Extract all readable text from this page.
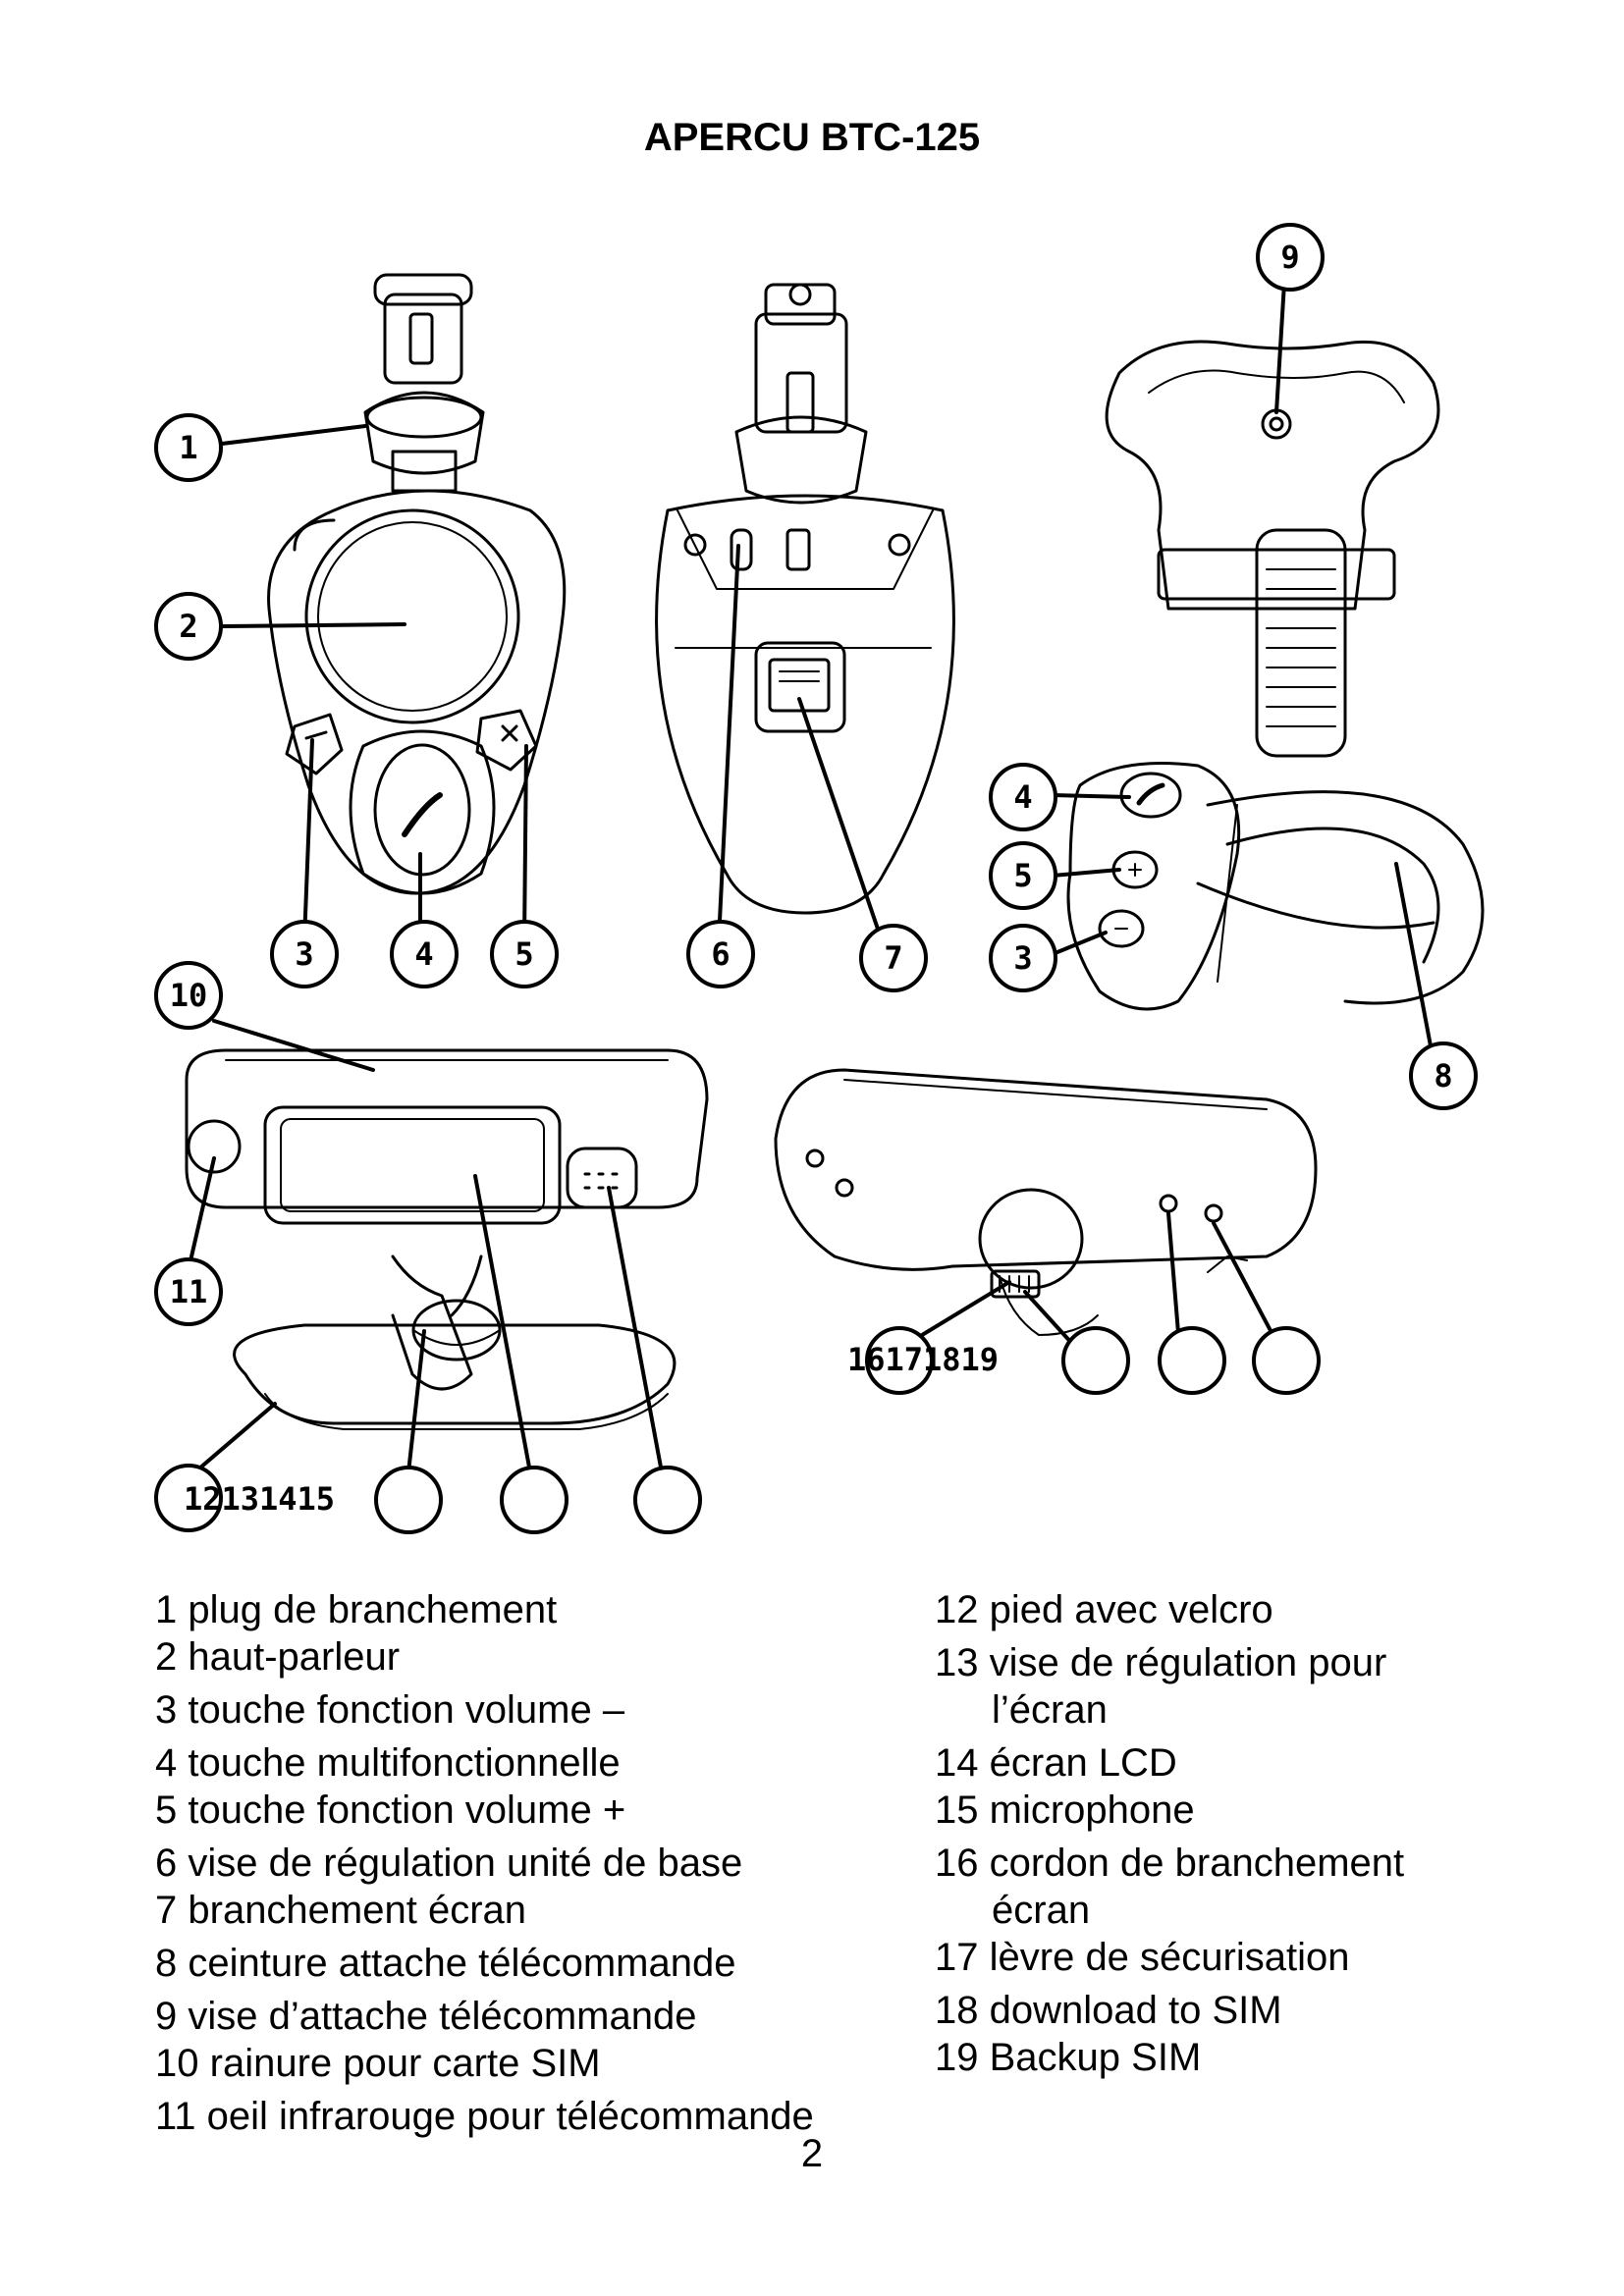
APERCU BTC-125
1
2
3	4	5	6	7
9
4
5
3
8
10
11
12131415
16171819
1 plug de branchement
2 haut-parleur
3 touche fonction volume –
4 touche multifonctionnelle
5 touche fonction volume +
6 vise de régulation unité de base
7 branchement écran
8 ceinture attache télécommande
9 vise d’attache télécommande
10 rainure pour carte SIM
11 oeil infrarouge pour télécommande
12 pied avec velcro
13 vise de régulation pour
l’écran
14 écran LCD
15 microphone
16 cordon de branchement
écran
17 lèvre de sécurisation
18 download to SIM
19 Backup SIM
2
